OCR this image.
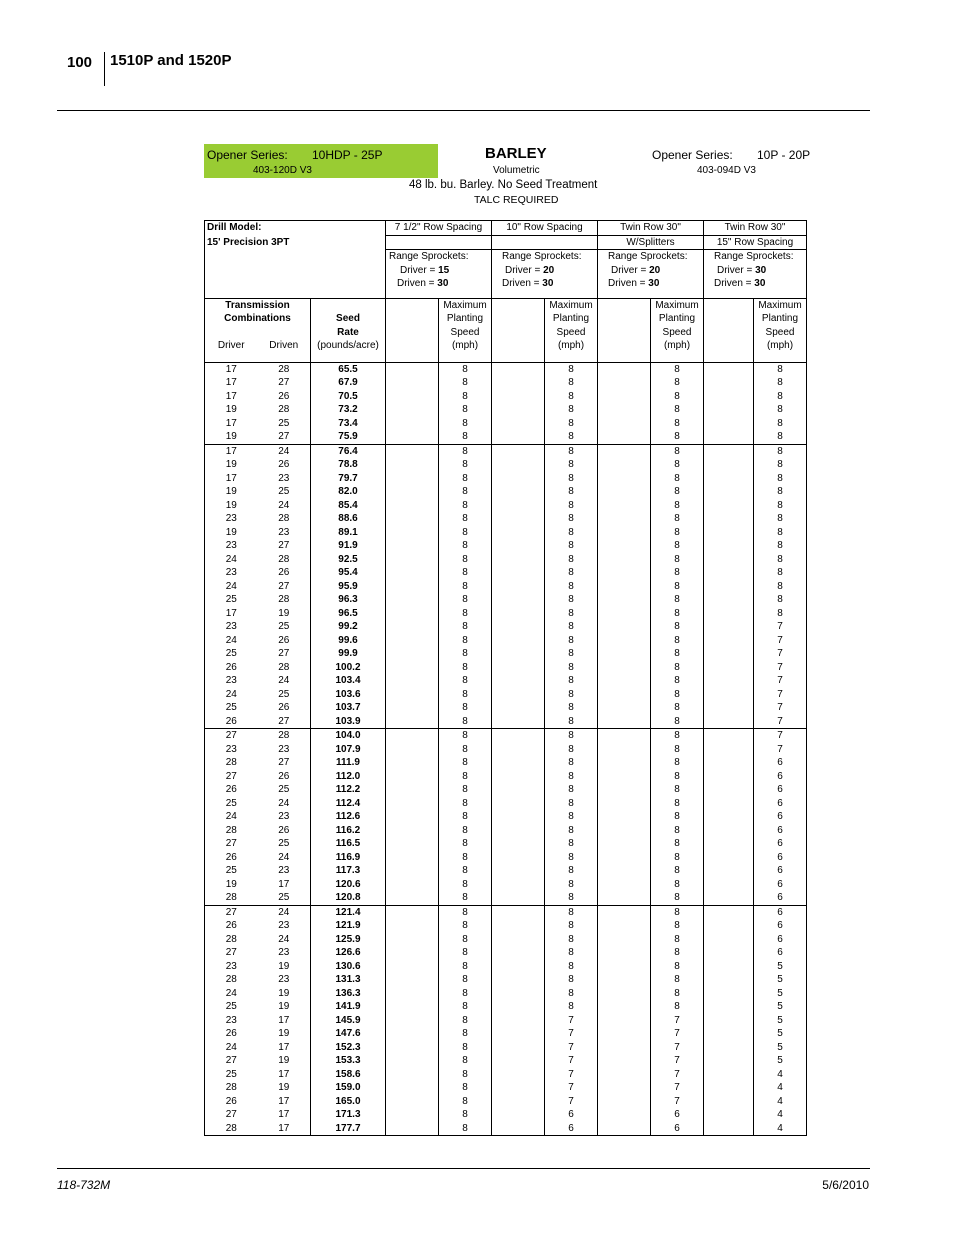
100 1510P and 1520P
Opener Series: 10HDP - 25P
403-120D V3
BARLEY
Volumetric
48 lb. bu. Barley. No Seed Treatment
TALC REQUIRED
Opener Series: 10P - 20P
403-094D V3
Drill Model:			7 1/2" Row Spacing		10" Row Spacing		Twin Row 30"		Twin Row 30"	
15' Precision 3PT							W/Splitters		15" Row Spacing	
			Range Sprockets:		Range Sprockets:		Range Sprockets:		Range Sprockets:	
			Driver = 15		Driver = 20		Driver = 20		Driver = 30	
			Driven = 30		Driven = 30		Driven = 30		Driven = 30	

Transmission				Maximum		Maximum		Maximum		Maximum
Combinations		Seed		Planting		Planting		Planting		Planting
		Rate		Speed		Speed		Speed		Speed
Driver	Driven	(pounds/acre)		(mph)		(mph)		(mph)		(mph)

17	28	65.5		8		8		8		8
17	27	67.9		8		8		8		8
17	26	70.5		8		8		8		8
19	28	73.2		8		8		8		8
17	25	73.4		8		8		8		8
19	27	75.9		8		8		8		8
17	24	76.4		8		8		8		8
19	26	78.8		8		8		8		8
17	23	79.7		8		8		8		8
19	25	82.0		8		8		8		8
19	24	85.4		8		8		8		8
23	28	88.6		8		8		8		8
19	23	89.1		8		8		8		8
23	27	91.9		8		8		8		8
24	28	92.5		8		8		8		8
23	26	95.4		8		8		8		8
24	27	95.9		8		8		8		8
25	28	96.3		8		8		8		8
17	19	96.5		8		8		8		8
23	25	99.2		8		8		8		7
24	26	99.6		8		8		8		7
25	27	99.9		8		8		8		7
26	28	100.2		8		8		8		7
23	24	103.4		8		8		8		7
24	25	103.6		8		8		8		7
25	26	103.7		8		8		8		7
26	27	103.9		8		8		8		7
27	28	104.0		8		8		8		7
23	23	107.9		8		8		8		7
28	27	111.9		8		8		8		6
27	26	112.0		8		8		8		6
26	25	112.2		8		8		8		6
25	24	112.4		8		8		8		6
24	23	112.6		8		8		8		6
28	26	116.2		8		8		8		6
27	25	116.5		8		8		8		6
26	24	116.9		8		8		8		6
25	23	117.3		8		8		8		6
19	17	120.6		8		8		8		6
28	25	120.8		8		8		8		6
27	24	121.4		8		8		8		6
26	23	121.9		8		8		8		6
28	24	125.9		8		8		8		6
27	23	126.6		8		8		8		6
23	19	130.6		8		8		8		5
28	23	131.3		8		8		8		5
24	19	136.3		8		8		8		5
25	19	141.9		8		8		8		5
23	17	145.9		8		7		7		5
26	19	147.6		8		7		7		5
24	17	152.3		8		7		7		5
27	19	153.3		8		7		7		5
25	17	158.6		8		7		7		4
28	19	159.0		8		7		7		4
26	17	165.0		8		7		7		4
27	17	171.3		8		6		6		4
28	17	177.7		8		6		6		4
118-732M	5/6/2010
